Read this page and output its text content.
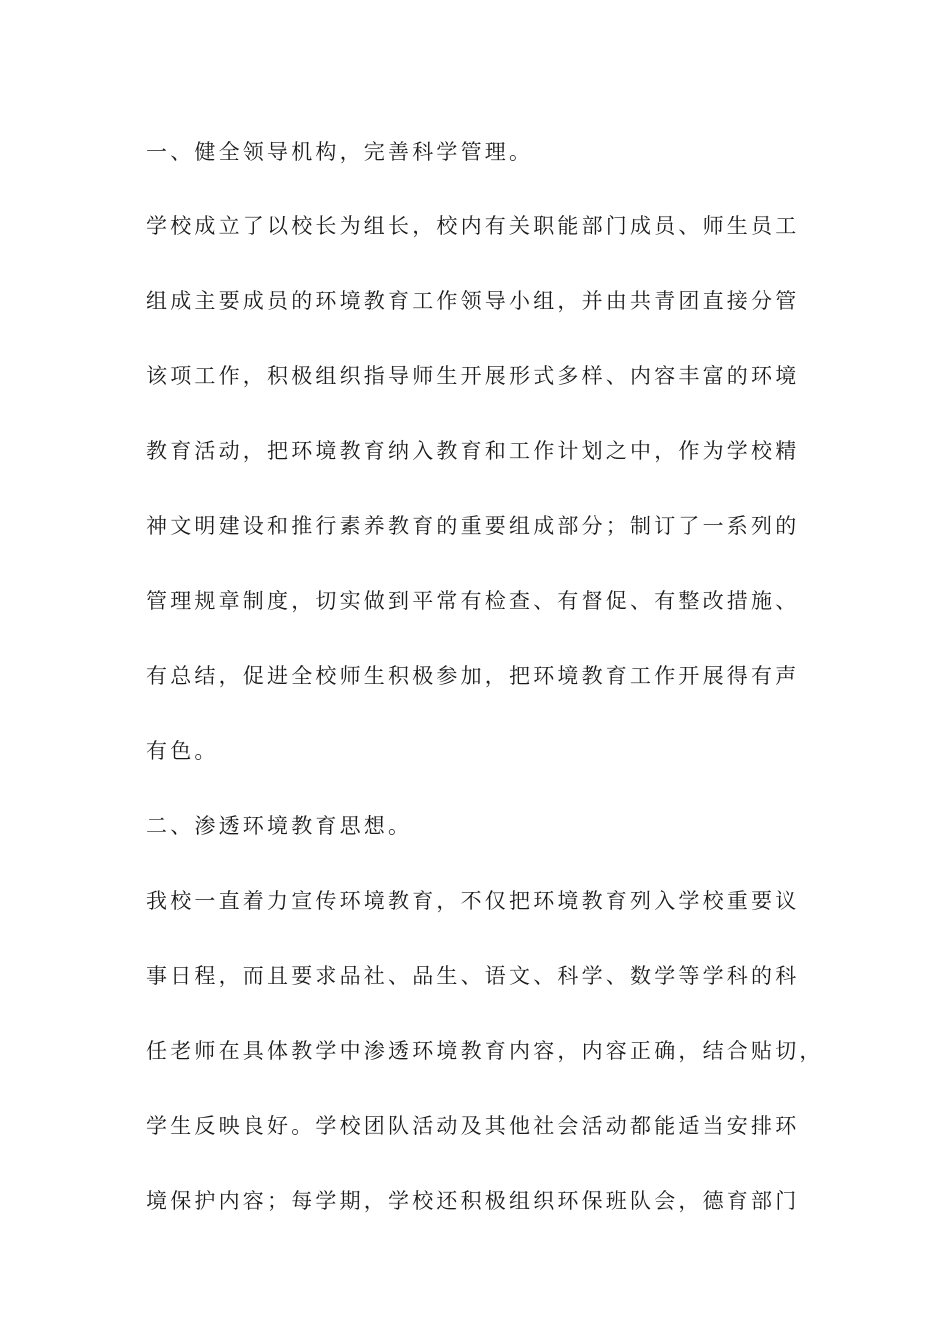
一、健全领导机构，完善科学管理。
学校成立了以校长为组长，校内有关职能部门成员、师生员工
组成主要成员的环境教育工作领导小组，并由共青团直接分管
该项工作，积极组织指导师生开展形式多样、内容丰富的环境
教育活动，把环境教育纳入教育和工作计划之中，作为学校精
神文明建设和推行素养教育的重要组成部分；制订了一系列的
管理规章制度，切实做到平常有检查、有督促、有整改措施、
有总结，促进全校师生积极参加，把环境教育工作开展得有声
有色。
二、渗透环境教育思想。
我校一直着力宣传环境教育，不仅把环境教育列入学校重要议
事日程，而且要求品社、品生、语文、科学、数学等学科的科
任老师在具体教学中渗透环境教育内容，内容正确，结合贴切，
学生反映良好。学校团队活动及其他社会活动都能适当安排环
境保护内容；每学期，学校还积极组织环保班队会，德育部门
